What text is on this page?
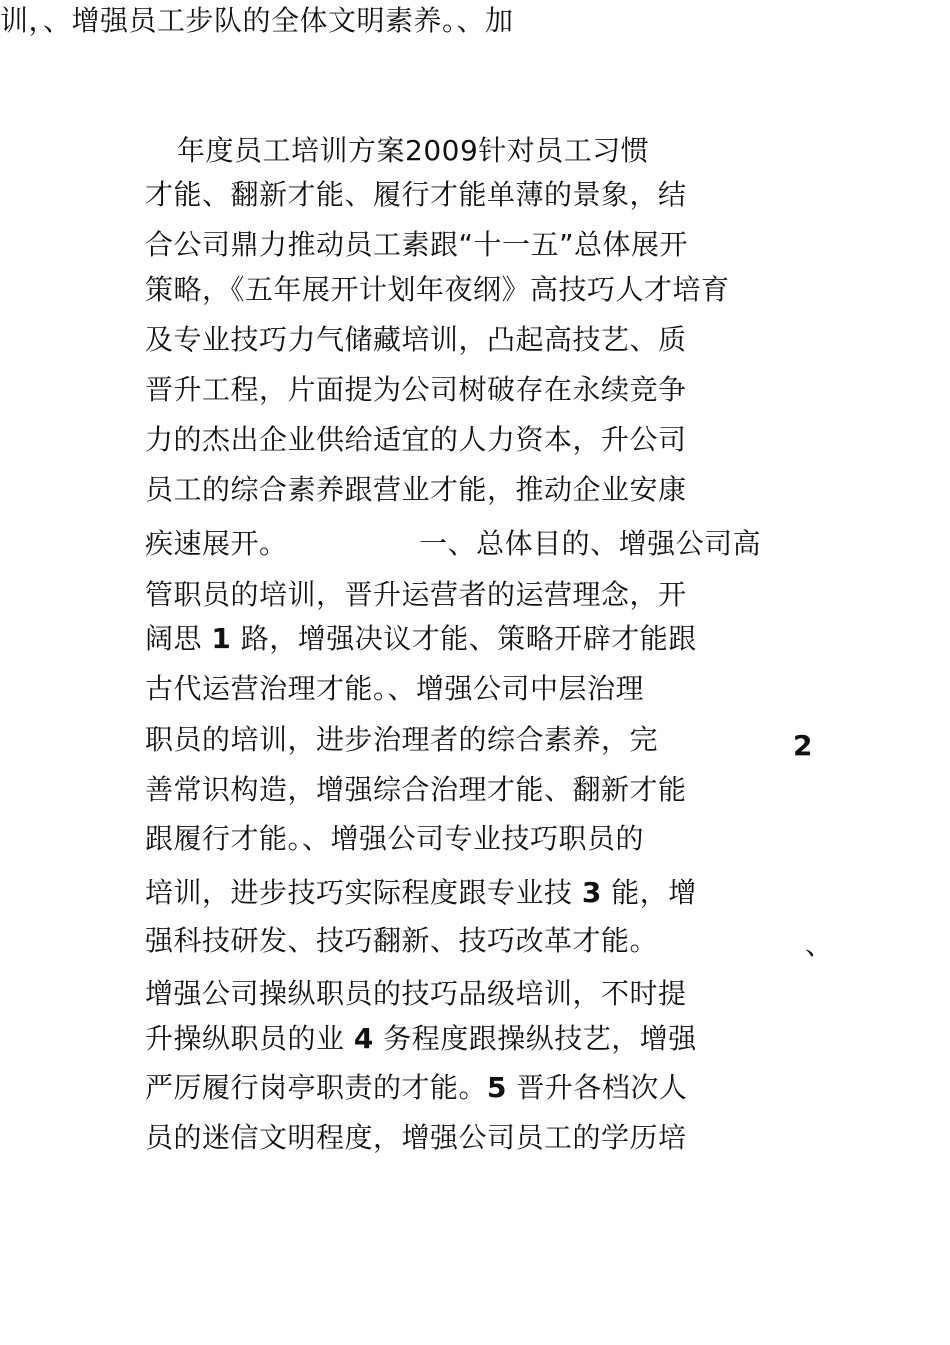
训，、增强员工步队的全体文明素养。、加
年度员工培训方案2009针对员工习惯
才能、翻新才能、履行才能单薄的景象，结
合公司鼎力推动员工素跟“十一五”总体展开
策略，《五年展开计划年夜纲》高技巧人才培育
及专业技巧力气储藏培训，凸起高技艺、质
晋升工程，片面提为公司树破存在永续竞争
力的杰出企业供给适宜的人力资本，升公司
员工的综合素养跟营业才能，推动企业安康
疾速展开。              一、总体目的、增强公司高
管职员的培训，晋升运营者的运营理念，开
阔思 1 路，增强决议才能、策略开辟才能跟
古代运营治理才能。、增强公司中层治理
职员的培训，进步治理者的综合素养，完
善常识构造，增强综合治理才能、翻新才能
跟履行才能。、增强公司专业技巧职员的
培训，进步技巧实际程度跟专业技 3 能，增
强科技研发、技巧翻新、技巧改革才能。
增强公司操纵职员的技巧品级培训，不时提
升操纵职员的业 4 务程度跟操纵技艺，增强
严厉履行岗亭职责的才能。5 晋升各档次人
员的迷信文明程度，增强公司员工的学历培
2
、
